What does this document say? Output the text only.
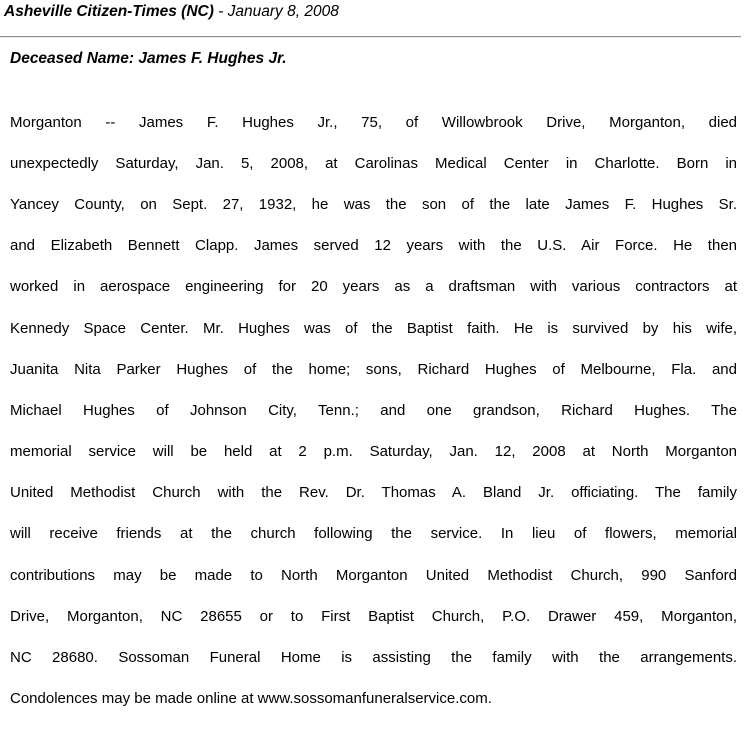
Asheville Citizen-Times (NC) - January 8, 2008
Deceased Name: James F. Hughes Jr.

Morganton -- James F. Hughes Jr., 75, of Willowbrook Drive, Morganton, died

unexpectedly Saturday, Jan. 5, 2008, at Carolinas Medical Center in Charlotte. Born in

Yancey County, on Sept. 27, 1932, he was the son of the late James F. Hughes Sr.

and Elizabeth Bennett Clapp. James served 12 years with the U.S. Air Force. He then

worked in aerospace engineering for 20 years as a draftsman with various contractors at

Kennedy Space Center. Mr. Hughes was of the Baptist faith. He is survived by his wife,

Juanita Nita Parker Hughes of the home; sons, Richard Hughes of Melbourne, Fla. and

Michael Hughes of Johnson City, Tenn.; and one grandson, Richard Hughes. The

memorial service will be held at 2 p.m. Saturday, Jan. 12, 2008 at North Morganton

United Methodist Church with the Rev. Dr. Thomas A. Bland Jr. officiating. The family

will receive friends at the church following the service. In lieu of flowers, memorial

contributions may be made to North Morganton United Methodist Church, 990 Sanford

Drive, Morganton, NC 28655 or to First Baptist Church, P.O. Drawer 459, Morganton,

NC 28680. Sossoman Funeral Home is assisting the family with the arrangements.

Condolences may be made online at www.sossomanfuneralservice.com.
